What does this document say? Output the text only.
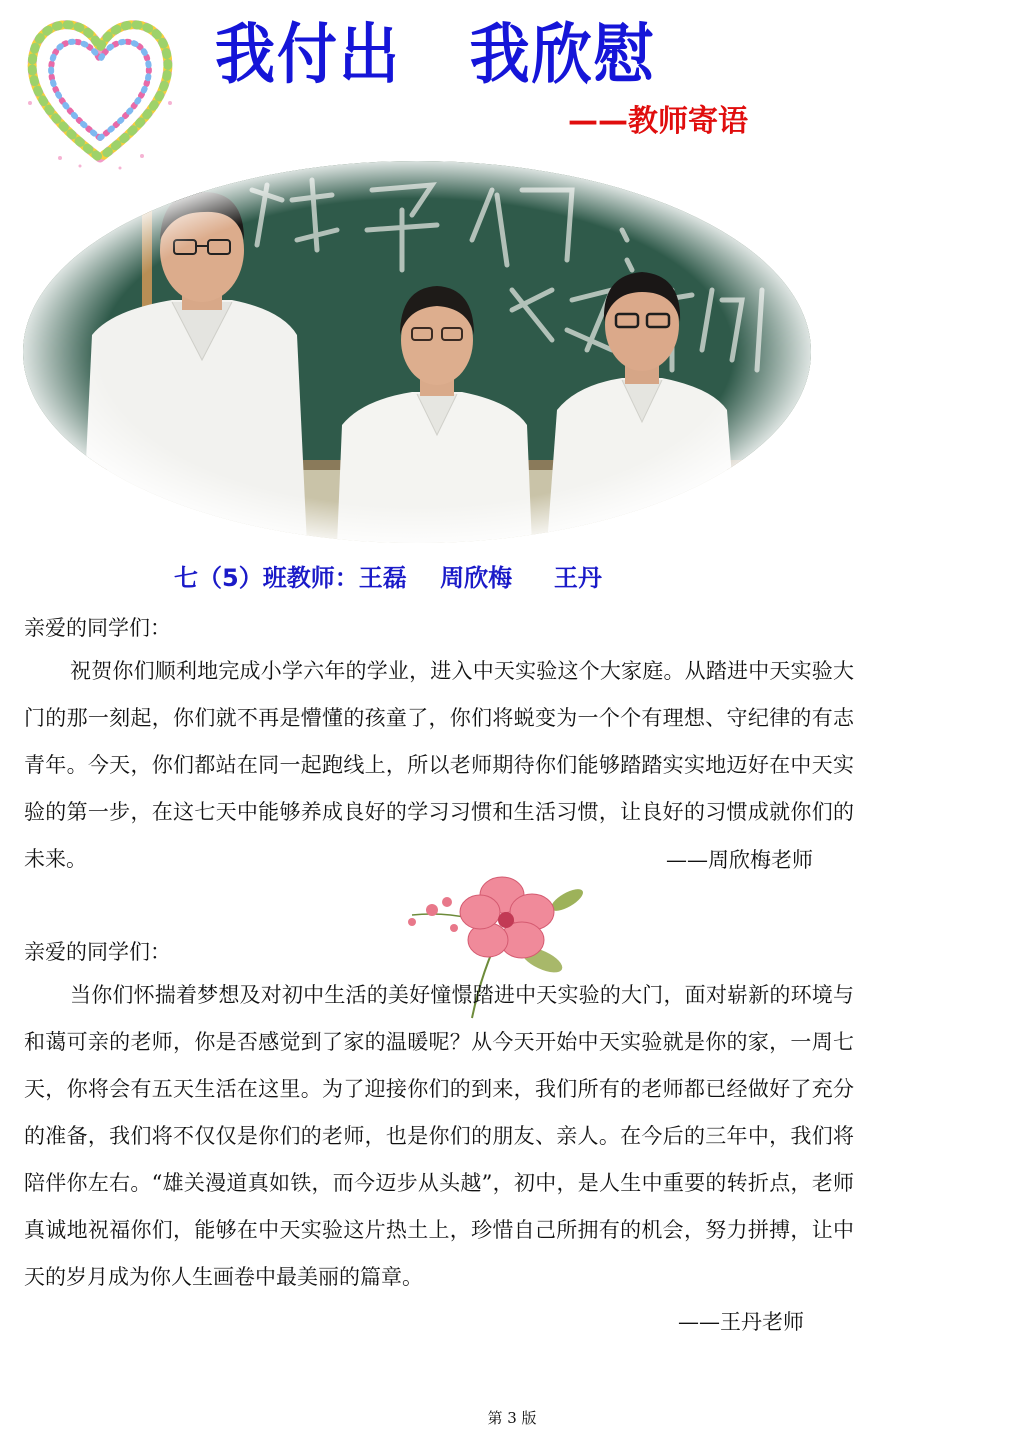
我付出   我欣慰
——教师寄语
七（5）班教师：王磊    周欣梅     王丹
亲爱的同学们：
祝贺你们顺利地完成小学六年的学业，进入中天实验这个大家庭。从踏进中天实验大门的那一刻起，你们就不再是懵懂的孩童了，你们将蜕变为一个个有理想、守纪律的有志青年。今天，你们都站在同一起跑线上，所以老师期待你们能够踏踏实实地迈好在中天实验的第一步，在这七天中能够养成良好的学习习惯和生活习惯，让良好的习惯成就你们的未来。	——周欣梅老师
亲爱的同学们：
当你们怀揣着梦想及对初中生活的美好憧憬踏进中天实验的大门，面对崭新的环境与和蔼可亲的老师，你是否感觉到了家的温暖呢？从今天开始中天实验就是你的家，一周七天，你将会有五天生活在这里。为了迎接你们的到来，我们所有的老师都已经做好了充分的准备，我们将不仅仅是你们的老师，也是你们的朋友、亲人。在今后的三年中，我们将陪伴你左右。“雄关漫道真如铁，而今迈步从头越”，初中，是人生中重要的转折点，老师真诚地祝福你们，能够在中天实验这片热土上，珍惜自己所拥有的机会，努力拼搏，让中天的岁月成为你人生画卷中最美丽的篇章。
——王丹老师
第 3 版
